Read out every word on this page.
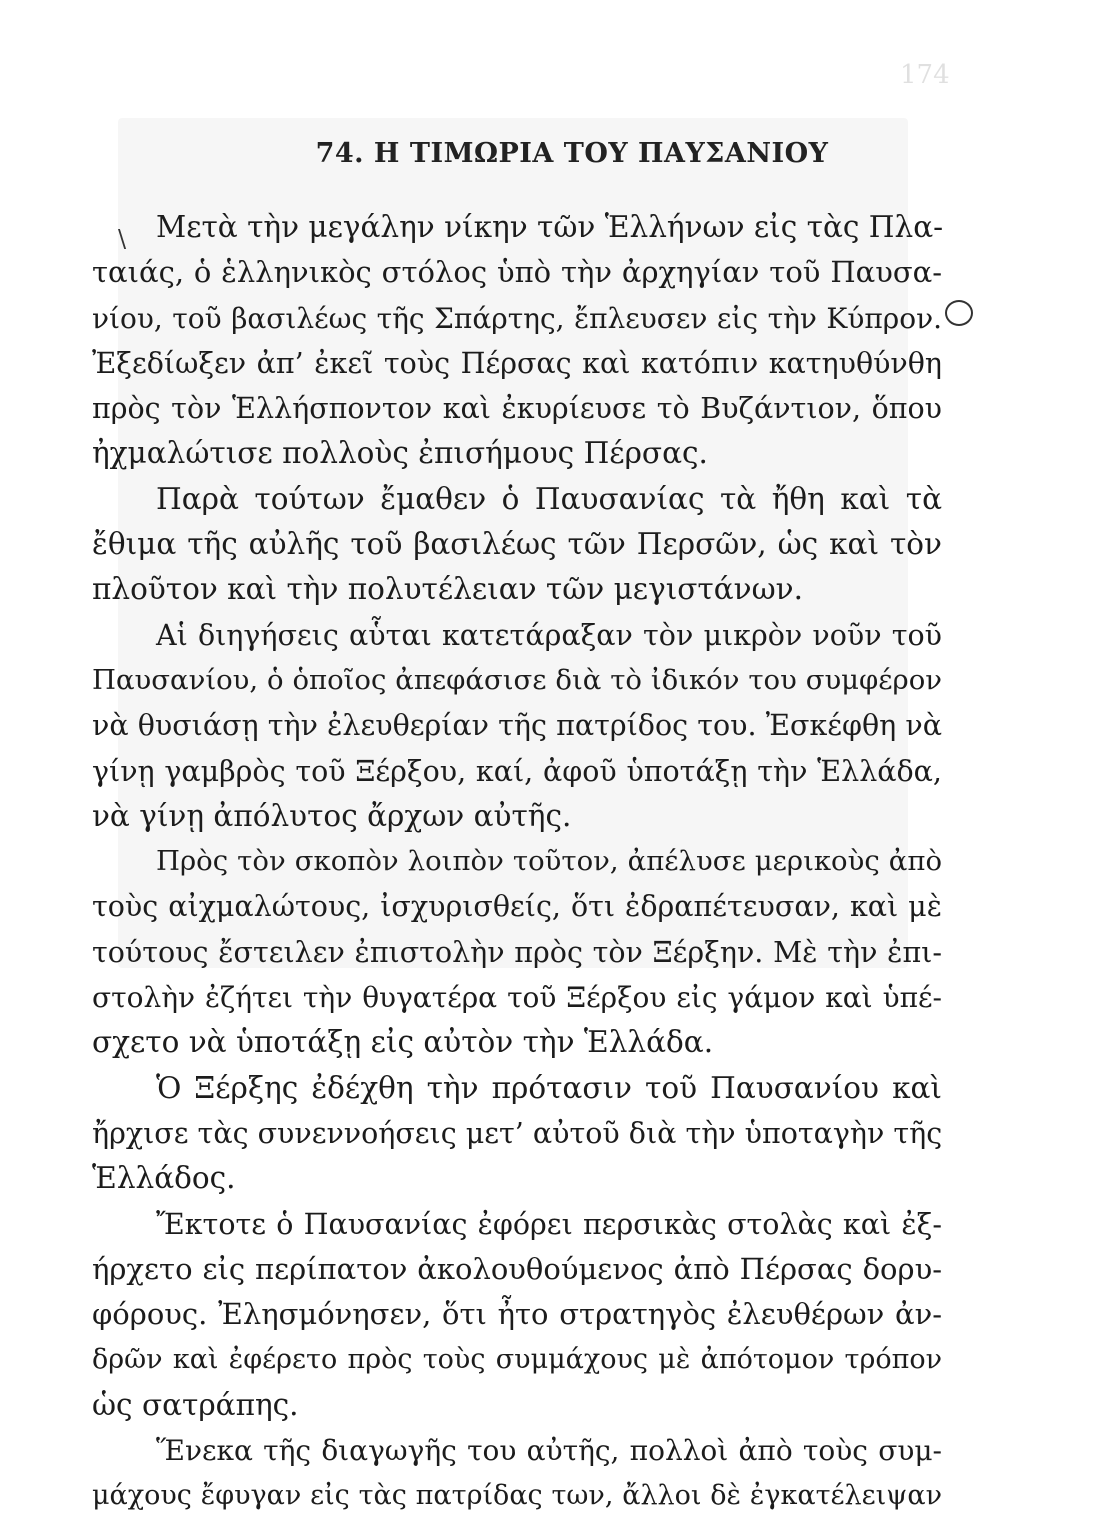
174
74. Η ΤΙΜΩΡΙΑ ΤΟΥ ΠΑΥΣΑΝΙΟΥ
\	Μετὰ τὴν μεγάλην νίκην τῶν Ἑλλήνων εἰς τὰς Πλα-
ταιάς, ὁ ἑλληνικὸς στόλος ὑπὸ τὴν ἀρχηγίαν τοῦ Παυσα-
νίου, τοῦ βασιλέως τῆς Σπάρτης, ἔπλευσεν εἰς τὴν Κύπρον.
Ἐξεδίωξεν ἀπ’ ἐκεῖ τοὺς Πέρσας καὶ κατόπιν κατηυθύνθη
πρὸς τὸν Ἑλλήσποντον καὶ ἐκυρίευσε τὸ Βυζάντιον, ὅπου
ἠχμαλώτισε πολλοὺς ἐπισήμους Πέρσας.
Παρὰ τούτων ἔμαθεν ὁ Παυσανίας τὰ ἤθη καὶ τὰ
ἔθιμα τῆς αὐλῆς τοῦ βασιλέως τῶν Περσῶν, ὡς καὶ τὸν
πλοῦτον καὶ τὴν πολυτέλειαν τῶν μεγιστάνων.
Αἱ διηγήσεις αὗται κατετάραξαν τὸν μικρὸν νοῦν τοῦ
Παυσανίου, ὁ ὁποῖος ἀπεφάσισε διὰ τὸ ἰδικόν του συμφέρον
νὰ θυσιάσῃ τὴν ἐλευθερίαν τῆς πατρίδος του. Ἐσκέφθη νὰ
γίνῃ γαμβρὸς τοῦ Ξέρξου, καί, ἀφοῦ ὑποτάξῃ τὴν Ἑλλάδα,
νὰ γίνῃ ἀπόλυτος ἄρχων αὐτῆς.
Πρὸς τὸν σκοπὸν λοιπὸν τοῦτον, ἀπέλυσε μερικοὺς ἀπὸ
τοὺς αἰχμαλώτους, ἰσχυρισθείς, ὅτι ἐδραπέτευσαν, καὶ μὲ
τούτους ἔστειλεν ἐπιστολὴν πρὸς τὸν Ξέρξην. Μὲ τὴν ἐπι-
στολὴν ἐζήτει τὴν θυγατέρα τοῦ Ξέρξου εἰς γάμον καὶ ὑπέ-
σχετο νὰ ὑποτάξῃ εἰς αὐτὸν τὴν Ἑλλάδα.
Ὁ Ξέρξης ἐδέχθη τὴν πρότασιν τοῦ Παυσανίου καὶ
ἤρχισε τὰς συνεννοήσεις μετ’ αὐτοῦ διὰ τὴν ὑποταγὴν τῆς
Ἑλλάδος.
Ἔκτοτε ὁ Παυσανίας ἐφόρει περσικὰς στολὰς καὶ ἐξ-
ήρχετο εἰς περίπατον ἀκολουθούμενος ἀπὸ Πέρσας δορυ-
φόρους. Ἐλησμόνησεν, ὅτι ἦτο στρατηγὸς ἐλευθέρων ἀν-
δρῶν καὶ ἐφέρετο πρὸς τοὺς συμμάχους μὲ ἀπότομον τρόπον
ὡς σατράπης.
Ἕνεκα τῆς διαγωγῆς του αὐτῆς, πολλοὶ ἀπὸ τοὺς συμ-
μάχους ἔφυγαν εἰς τὰς πατρίδας των, ἄλλοι δὲ ἐγκατέλειψαν
